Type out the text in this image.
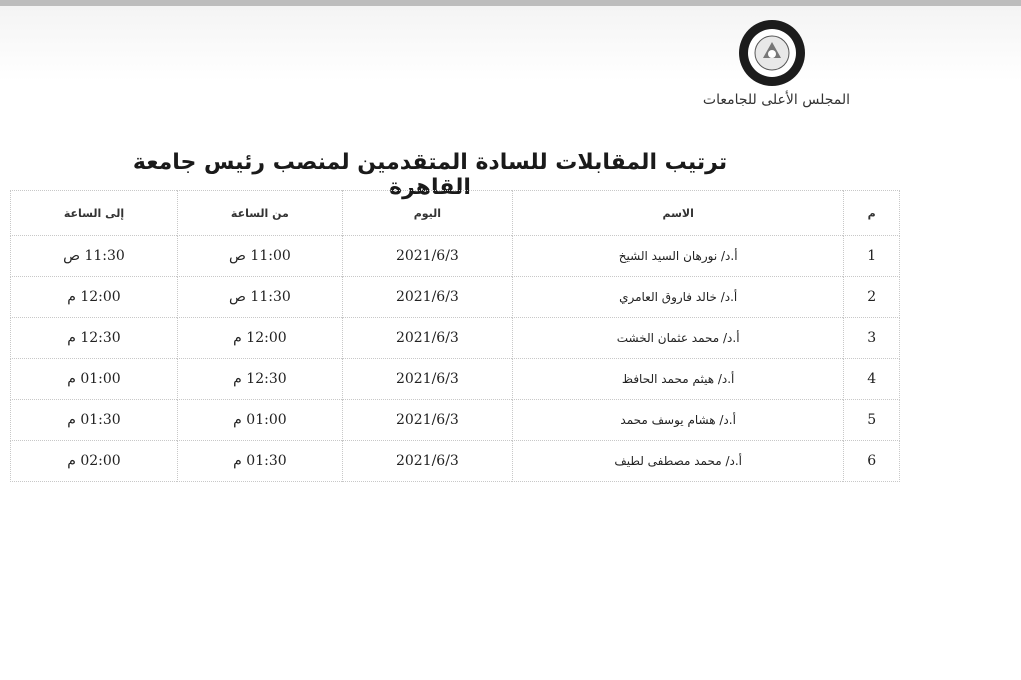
المجلس الأعلى للجامعات
ترتيب المقابلات للسادة المتقدمين لمنصب رئيس جامعة القاهرة
م	الاسم	اليوم	من الساعة	إلى الساعة
1	أ.د/ نورهان السيد الشيخ	2021/6/3	11:00 ص	11:30 ص
2	أ.د/ خالد فاروق العامري	2021/6/3	11:30 ص	12:00 م
3	أ.د/ محمد عثمان الخشت	2021/6/3	12:00 م	12:30 م
4	أ.د/ هيثم محمد الحافظ	2021/6/3	12:30 م	01:00 م
5	أ.د/ هشام يوسف محمد	2021/6/3	01:00 م	01:30 م
6	أ.د/ محمد مصطفى لطيف	2021/6/3	01:30 م	02:00 م
